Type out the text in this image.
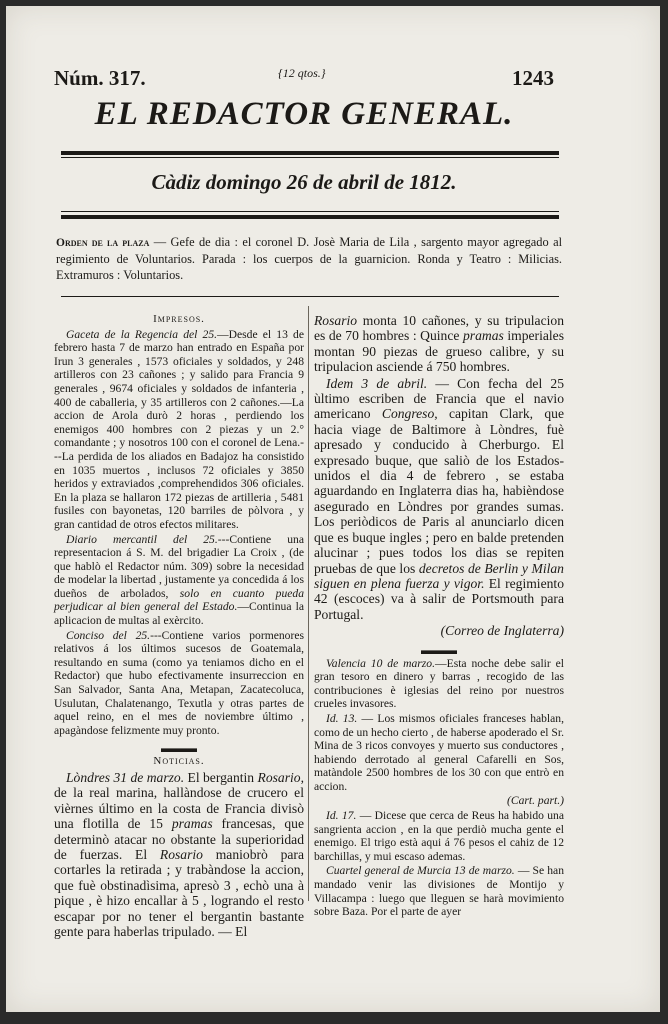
Núm. 317.	{12 qtos.}	1243
EL REDACTOR GENERAL.
Càdiz domingo 26 de abril de 1812.
Orden de la plaza — Gefe de dia : el coronel D. Josè Maria de Lila , sargento mayor agregado al regimiento de Voluntarios. Parada : los cuerpos de la guarnicion. Ronda y Teatro : Milicias. Extramuros : Voluntarios.

Impresos.

Gaceta de la Regencia del 25.—Desde el 13 de febrero hasta 7 de marzo han entrado en España por Irun 3 generales , 1573 oficiales y soldados, y 248 artilleros con 23 cañones ; y salido para Francia 9 generales , 9674 oficiales y soldados de infanteria , 400 de caballeria, y 35 artilleros con 2 cañones.—La accion de Arola durò 2 horas , perdiendo los enemigos 400 hombres con 2 piezas y un 2.° comandante ; y nosotros 100 con el coronel de Lena.---La perdida de los aliados en Badajoz ha consistido en 1035 muertos , inclusos 72 oficiales y 3850 heridos y extraviados ,comprehendidos 306 oficiales. En la plaza se hallaron 172 piezas de artilleria , 5481 fusiles con bayonetas, 120 barriles de pòlvora , y gran cantidad de otros efectos militares.

Diario mercantil del 25.---Contiene una representacion á S. M. del brigadier La Croix , (de que hablò el Redactor núm. 309) sobre la necesidad de modelar la libertad , justamente ya concedida á los dueños de arbolados, solo en cuanto pueda perjudicar al bien general del Estado.—Continua la aplicacion de multas al exèrcito.

Conciso del 25.---Contiene varios pormenores relativos á los últimos sucesos de Goatemala, resultando en suma (como ya teniamos dicho en el Redactor) que hubo efectivamente insurreccion en San Salvador, Santa Ana, Metapan, Zacatecoluca, Usulutan, Chalatenango, Texutla y otras partes de aquel reino, en el mes de noviembre último , apagàndose felizmente muy pronto.

▬▬▬

Noticias.

Lòndres 31 de marzo. El bergantin Rosario, de la real marina, hallàndose de crucero el vièrnes último en la costa de Francia divisò una flotilla de 15 pramas francesas, que determinò atacar no obstante la superioridad de fuerzas. El Rosario maniobrò para cortarles la retirada ; y trabàndose la accion, que fuè obstinadìsima, apresò 3 , echò una à pique , è hizo encallar à 5 , logrando el resto escapar por no tener el bergantin bastante gente para haberlas tripulado. — El

Rosario monta 10 cañones, y su tripulacion es de 70 hombres : Quince pramas imperiales montan 90 piezas de grueso calibre, y su tripulacion asciende á 750 hombres.

Idem 3 de abril. — Con fecha del 25 ùltimo escriben de Francia que el navio americano Congreso, capitan Clark, que hacia viage de Baltimore à Lòndres, fuè apresado y conducido à Cherburgo. El expresado buque, que saliò de los Estados-unidos el dia 4 de febrero , se estaba aguardando en Inglaterra dias ha, habièndose asegurado en Lòndres por grandes sumas. Los periòdicos de Paris al anunciarlo dicen que es buque ingles ; pero en balde pretenden alucinar ; pues todos los dias se repiten pruebas de que los decretos de Berlin y Milan siguen en plena fuerza y vigor. El regimiento 42 (escoces) va à salir de Portsmouth para Portugal.

(Correo de Inglaterra)

▬▬▬

Valencia 10 de marzo.—Esta noche debe salir el gran tesoro en dinero y barras , recogido de las contribuciones è iglesias del reino por nuestros crueles invasores.

Id. 13. — Los mismos oficiales franceses hablan, como de un hecho cierto , de haberse apoderado el Sr. Mina de 3 ricos convoyes y muerto sus conductores , habiendo derrotado al general Cafarelli en Sos, matàndole 2500 hombres de los 30 con que entrò en accion.

(Cart. part.)

Id. 17. — Dicese que cerca de Reus ha habido una sangrienta accion , en la que perdiò mucha gente el enemigo. El trigo està aqui á 76 pesos el cahiz de 12 barchillas, y mui escaso ademas.

Cuartel general de Murcia 13 de marzo. — Se han mandado venir las divisiones de Montijo y Villacampa : luego que lleguen se harà movimiento sobre Baza. Por el parte de ayer
